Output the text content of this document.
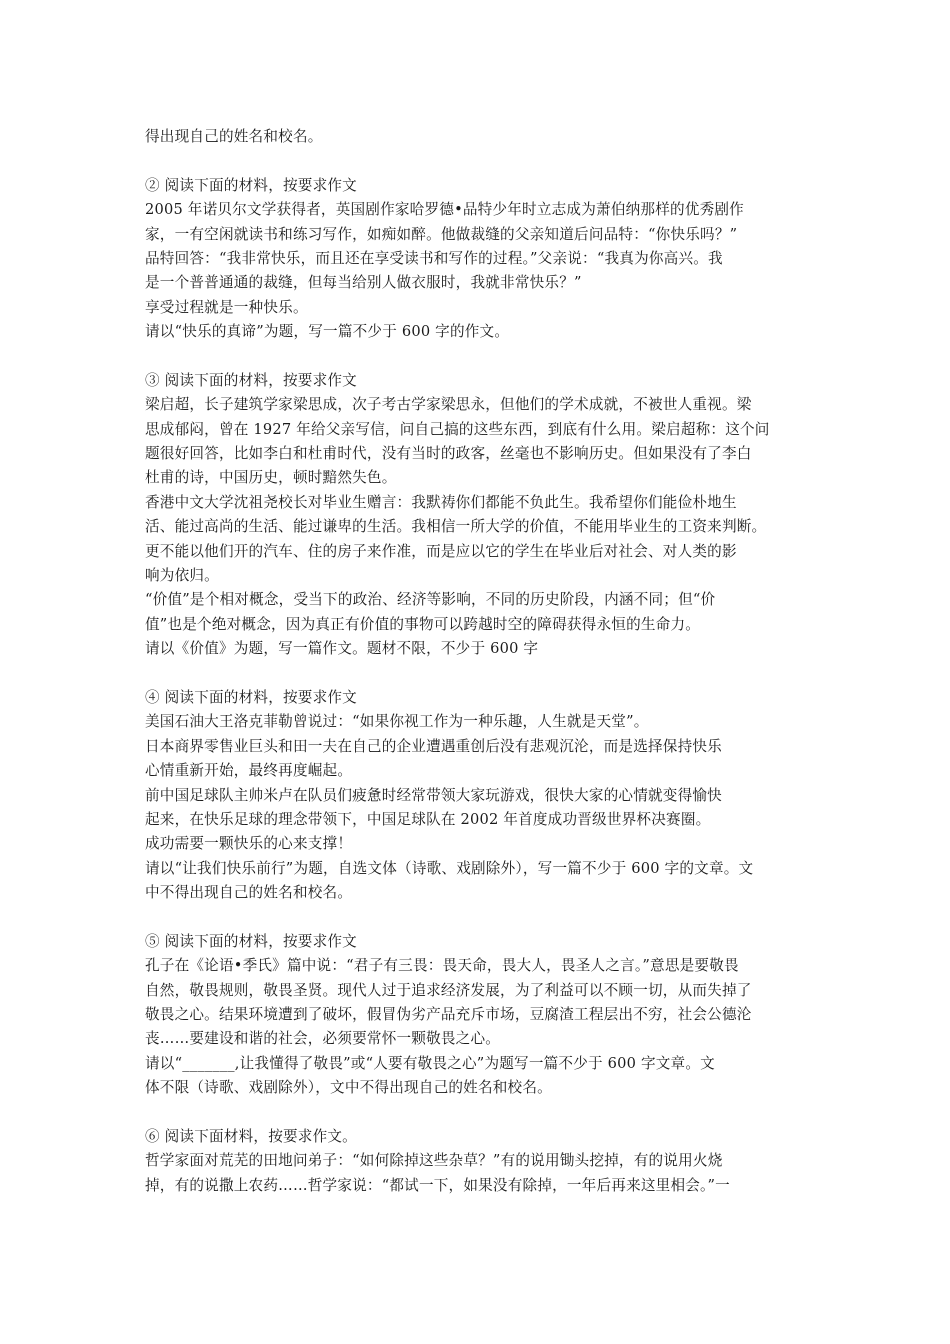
得出现自己的姓名和校名。
② 阅读下面的材料，按要求作文
2005 年诺贝尔文学获得者，英国剧作家哈罗德•品特少年时立志成为萧伯纳那样的优秀剧作
家，一有空闲就读书和练习写作，如痴如醉。他做裁缝的父亲知道后问品特：“你快乐吗？”
品特回答：“我非常快乐，而且还在享受读书和写作的过程。”父亲说：“我真为你高兴。我
是一个普普通通的裁缝，但每当给别人做衣服时，我就非常快乐？”
享受过程就是一种快乐。
请以“快乐的真谛”为题，写一篇不少于 600 字的作文。
③ 阅读下面的材料，按要求作文
梁启超，长子建筑学家梁思成，次子考古学家梁思永，但他们的学术成就，不被世人重视。梁
思成郁闷，曾在 1927 年给父亲写信，问自己搞的这些东西，到底有什么用。梁启超称：这个问
题很好回答，比如李白和杜甫时代，没有当时的政客，丝毫也不影响历史。但如果没有了李白
杜甫的诗，中国历史，顿时黯然失色。
香港中文大学沈祖尧校长对毕业生赠言：我默祷你们都能不负此生。我希望你们能俭朴地生
活、能过高尚的生活、能过谦卑的生活。我相信一所大学的价值，不能用毕业生的工资来判断。
更不能以他们开的汽车、住的房子来作准，而是应以它的学生在毕业后对社会、对人类的影
响为依归。
“价值”是个相对概念，受当下的政治、经济等影响，不同的历史阶段，内涵不同；但“价
值”也是个绝对概念，因为真正有价值的事物可以跨越时空的障碍获得永恒的生命力。
请以《价值》为题，写一篇作文。题材不限，不少于 600 字
④ 阅读下面的材料，按要求作文
美国石油大王洛克菲勒曾说过：“如果你视工作为一种乐趣，人生就是天堂”。
日本商界零售业巨头和田一夫在自己的企业遭遇重创后没有悲观沉沦，而是选择保持快乐
心情重新开始，最终再度崛起。
前中国足球队主帅米卢在队员们疲惫时经常带领大家玩游戏，很快大家的心情就变得愉快
起来，在快乐足球的理念带领下，中国足球队在 2002 年首度成功晋级世界杯决赛圈。
成功需要一颗快乐的心来支撑！
请以“让我们快乐前行”为题，自选文体（诗歌、戏剧除外），写一篇不少于 600 字的文章。文
中不得出现自己的姓名和校名。
⑤ 阅读下面的材料，按要求作文
孔子在《论语•季氏》篇中说：“君子有三畏：畏天命，畏大人，畏圣人之言。”意思是要敬畏
自然，敬畏规则，敬畏圣贤。现代人过于追求经济发展，为了利益可以不顾一切，从而失掉了
敬畏之心。结果环境遭到了破坏，假冒伪劣产品充斥市场，豆腐渣工程层出不穷，社会公德沦
丧……要建设和谐的社会，必须要常怀一颗敬畏之心。
请以“_______,让我懂得了敬畏”或“人要有敬畏之心”为题写一篇不少于 600 字文章。文
体不限（诗歌、戏剧除外），文中不得出现自己的姓名和校名。
⑥ 阅读下面材料，按要求作文。
哲学家面对荒芜的田地问弟子：“如何除掉这些杂草？”有的说用锄头挖掉，有的说用火烧
掉，有的说撒上农药……哲学家说：“都试一下，如果没有除掉，一年后再来这里相会。”一
